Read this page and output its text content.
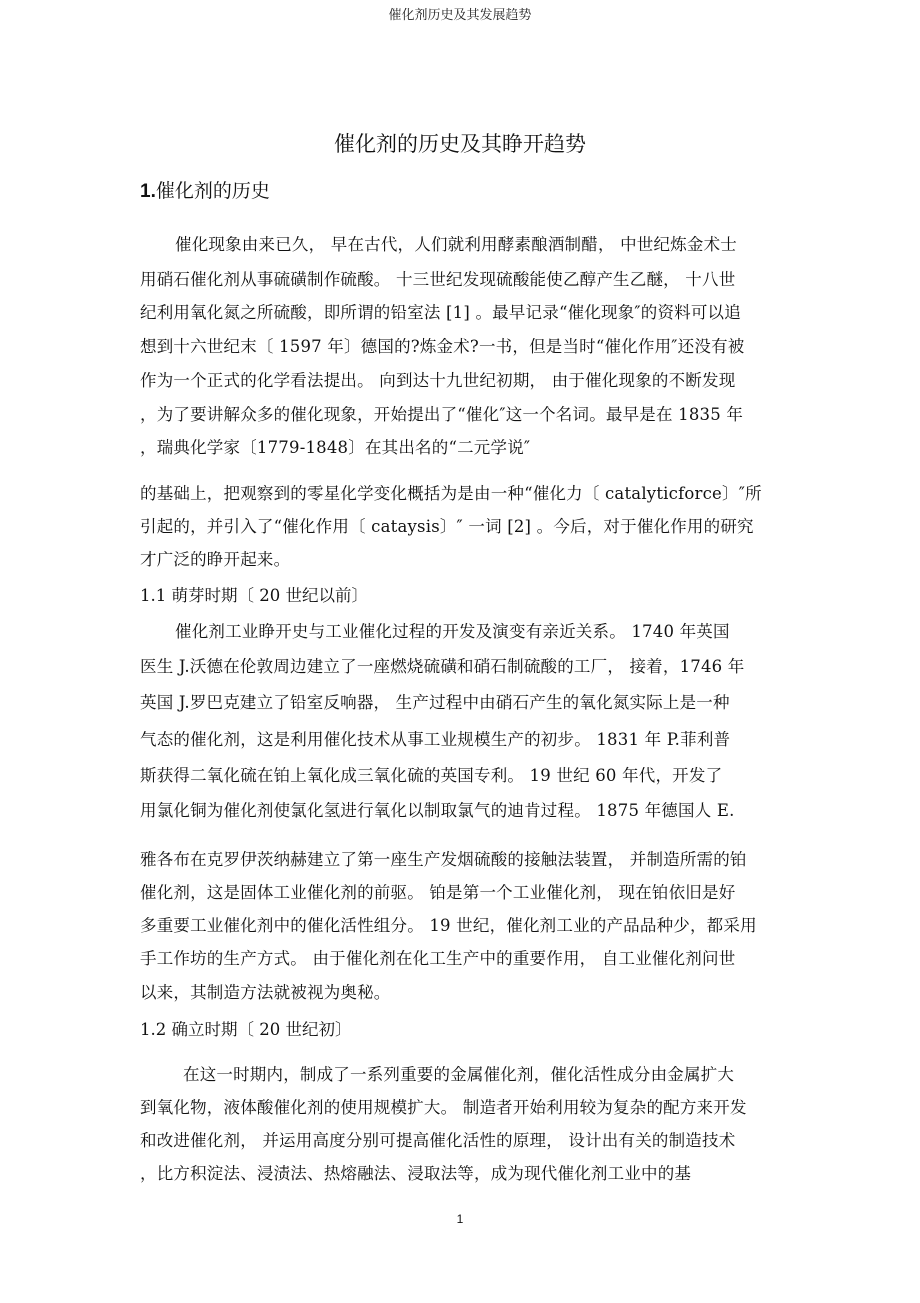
催化剂历史及其发展趋势
催化剂的历史及其睁开趋势
1.催化剂的历史
催化现象由来已久， 早在古代，人们就利用酵素酿酒制醋， 中世纪炼金术士
用硝石催化剂从事硫磺制作硫酸。 十三世纪发现硫酸能使乙醇产生乙醚， 十八世
纪利用氧化氮之所硫酸，即所谓的铅室法 [1] 。最早记录“催化现象″的资料可以追
想到十六世纪末〔 1597 年〕德国的?炼金术?一书，但是当时“催化作用″还没有被
作为一个正式的化学看法提出。 向到达十九世纪初期， 由于催化现象的不断发现
，为了要讲解众多的催化现象，开始提出了“催化″这一个名词。最早是在 1835 年
，瑞典化学家〔1779-1848〕在其出名的“二元学说″
的基础上，把观察到的零星化学变化概括为是由一种“催化力〔 catalyticforce〕″所
引起的，并引入了“催化作用〔 cataysis〕″ 一词 [2] 。今后，对于催化作用的研究
才广泛的睁开起来。
1.1 萌芽时期〔 20 世纪以前〕
催化剂工业睁开史与工业催化过程的开发及演变有亲近关系。 1740 年英国
医生 J.沃德在伦敦周边建立了一座燃烧硫磺和硝石制硫酸的工厂， 接着，1746 年
英国 J.罗巴克建立了铅室反响器， 生产过程中由硝石产生的氧化氮实际上是一种
气态的催化剂，这是利用催化技术从事工业规模生产的初步。 1831 年 P.菲利普
斯获得二氧化硫在铂上氧化成三氧化硫的英国专利。 19 世纪 60 年代，开发了
用氯化铜为催化剂使氯化氢进行氧化以制取氯气的迪肯过程。 1875 年德国人 E.
雅各布在克罗伊茨纳赫建立了第一座生产发烟硫酸的接触法装置， 并制造所需的铂
催化剂，这是固体工业催化剂的前驱。 铂是第一个工业催化剂， 现在铂依旧是好
多重要工业催化剂中的催化活性组分。 19 世纪，催化剂工业的产品品种少，都采用
手工作坊的生产方式。 由于催化剂在化工生产中的重要作用， 自工业催化剂问世
以来，其制造方法就被视为奥秘。
1.2 确立时期〔 20 世纪初〕
在这一时期内，制成了一系列重要的金属催化剂，催化活性成分由金属扩大
到氧化物，液体酸催化剂的使用规模扩大。 制造者开始利用较为复杂的配方来开发
和改进催化剂， 并运用高度分别可提高催化活性的原理， 设计出有关的制造技术
，比方积淀法、浸渍法、热熔融法、浸取法等，成为现代催化剂工业中的基
1
